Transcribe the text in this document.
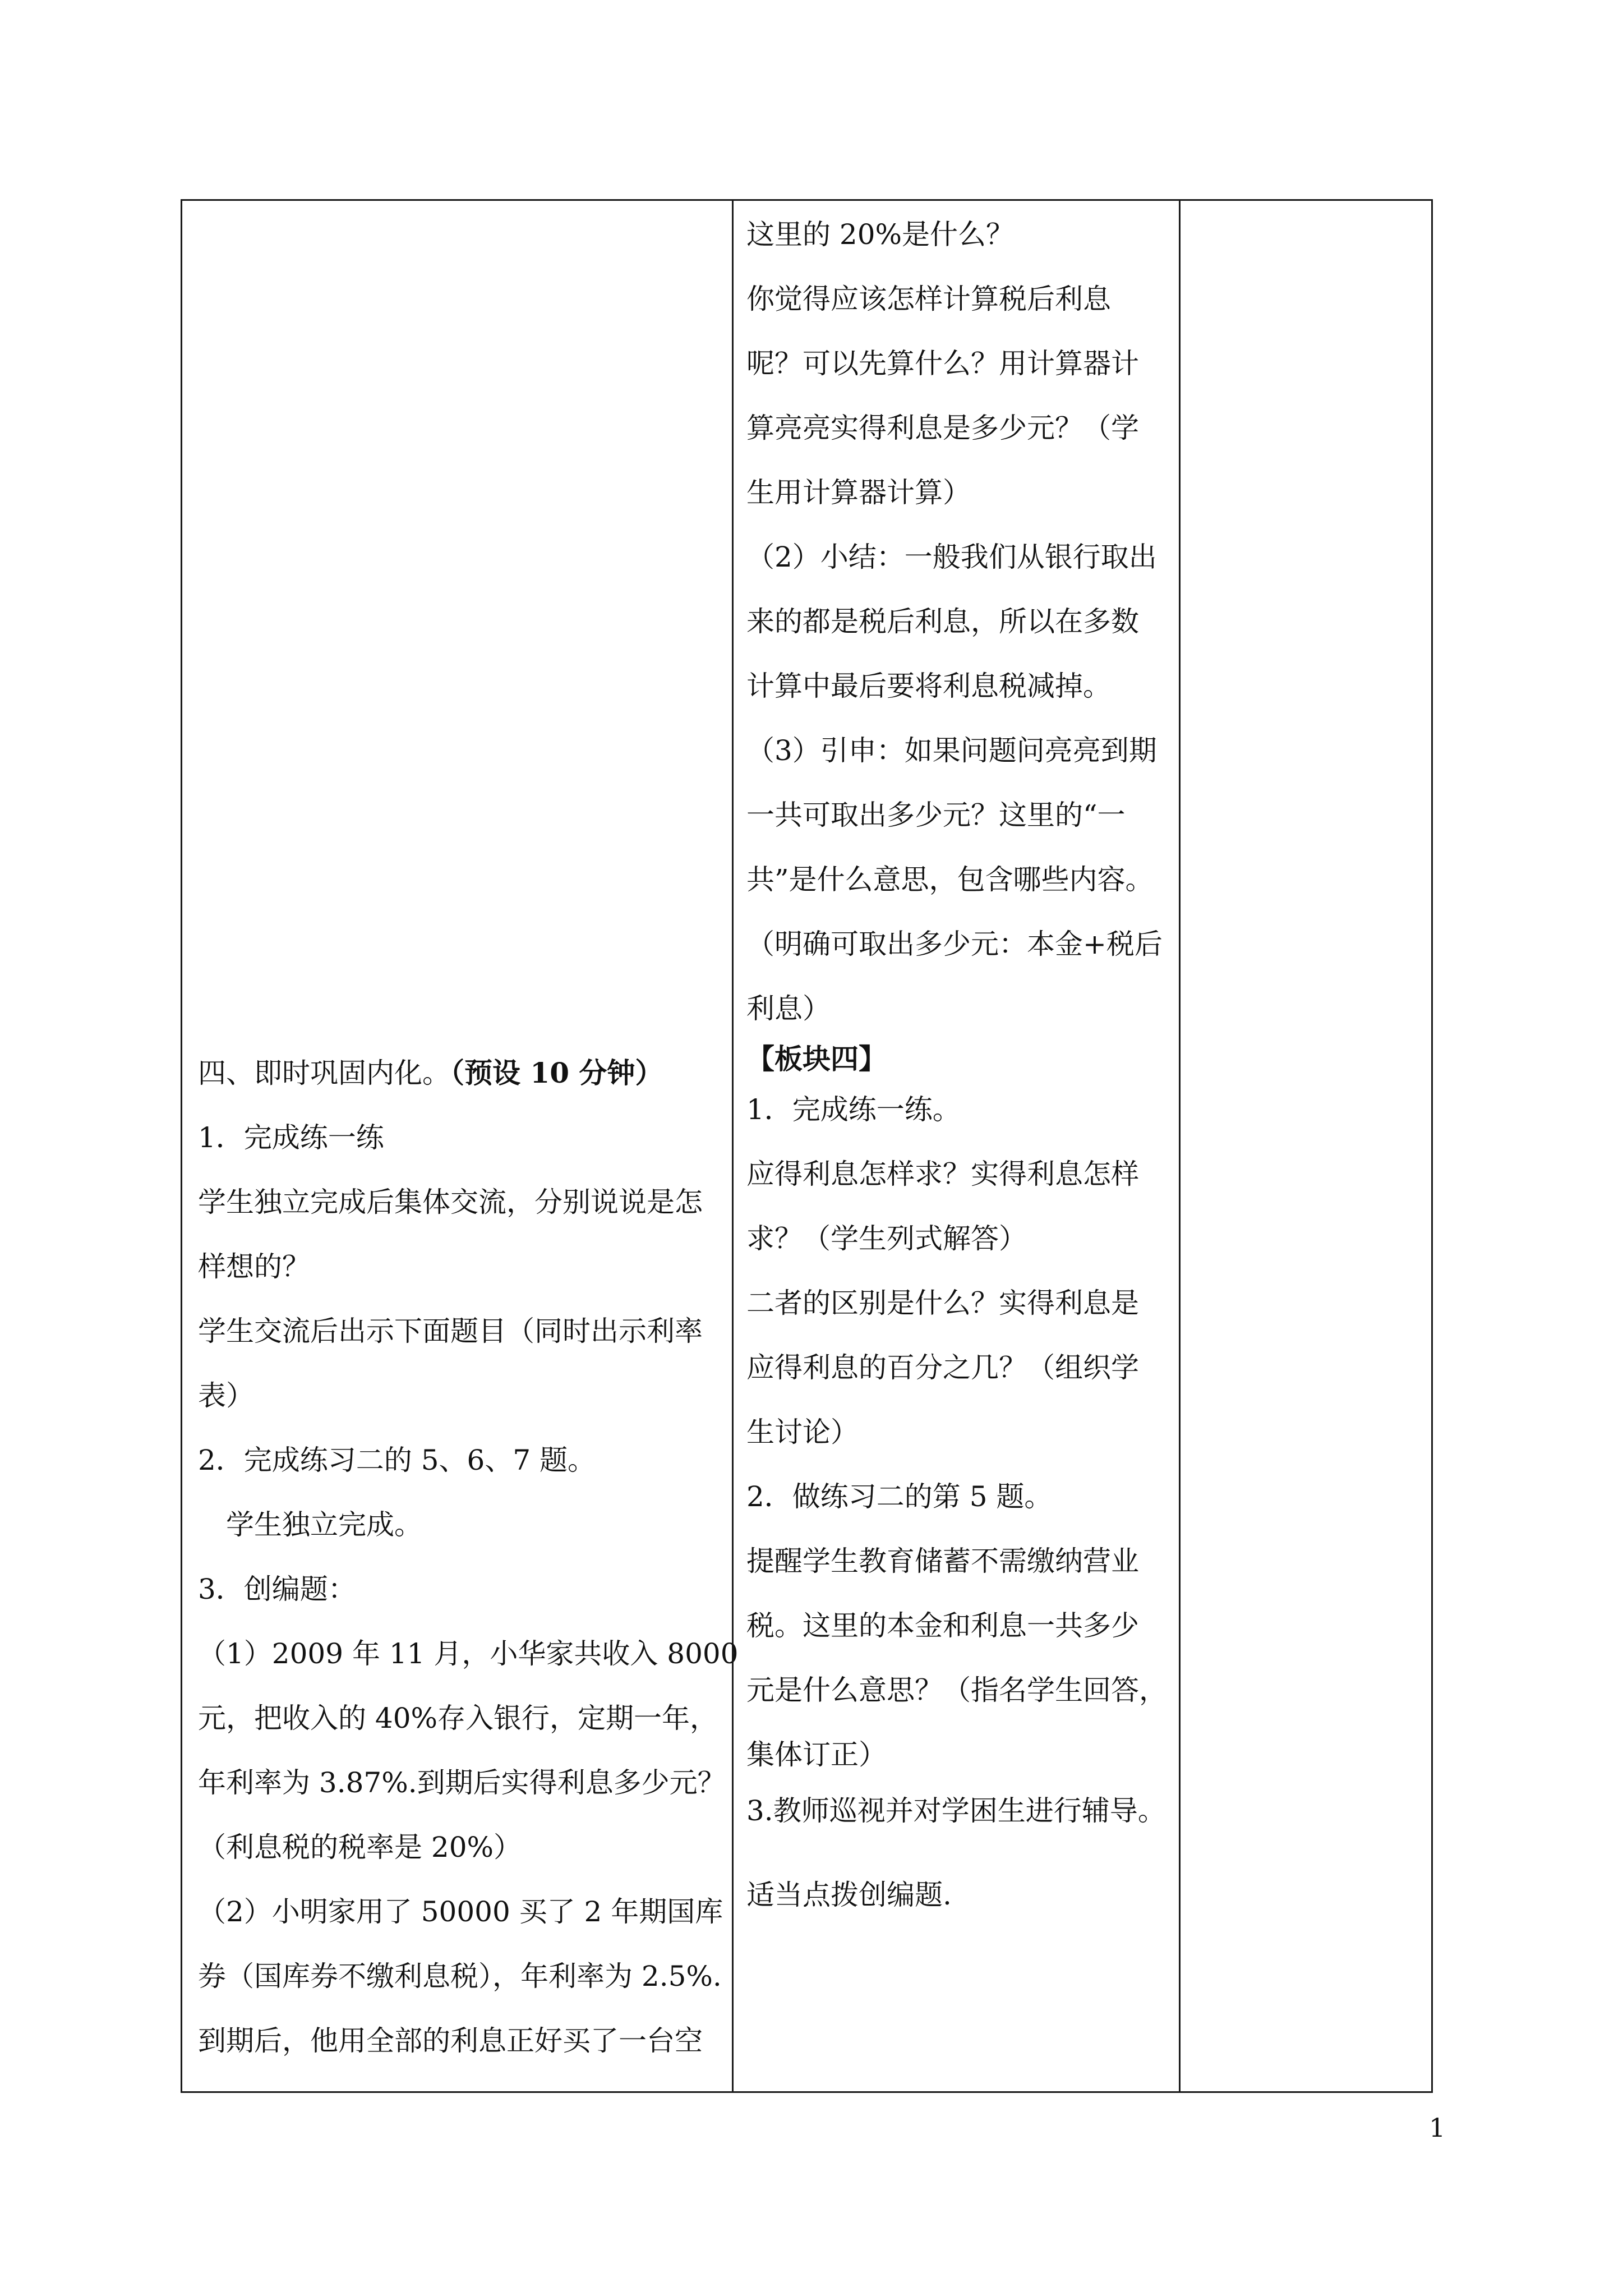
这里的 20%是什么？
你觉得应该怎样计算税后利息
呢？可以先算什么？用计算器计
算亮亮实得利息是多少元？（学
生用计算器计算）
（2）小结：一般我们从银行取出
来的都是税后利息，所以在多数
计算中最后要将利息税减掉。
（3）引申：如果问题问亮亮到期
一共可取出多少元？这里的“一
共”是什么意思，包含哪些内容。
（明确可取出多少元：本金+税后
利息）
【板块四】
1．完成练一练。
应得利息怎样求？实得利息怎样
求？（学生列式解答）
二者的区别是什么？实得利息是
应得利息的百分之几？（组织学
生讨论）
2．做练习二的第 5 题。
提醒学生教育储蓄不需缴纳营业
税。这里的本金和利息一共多少
元是什么意思？（指名学生回答，
集体订正）
3.教师巡视并对学困生进行辅导。
适当点拨创编题.
四、即时巩固内化。（预设 10 分钟）
1．完成练一练
学生独立完成后集体交流，分别说说是怎
样想的？
学生交流后出示下面题目（同时出示利率
表）
2．完成练习二的 5、6、7 题。
　学生独立完成。
3．创编题：
（1）2009 年 11 月，小华家共收入 8000
元，把收入的 40%存入银行，定期一年，
年利率为 3.87%.到期后实得利息多少元？
（利息税的税率是 20%）
（2）小明家用了 50000 买了 2 年期国库
券（国库券不缴利息税），年利率为 2.5%.
到期后，他用全部的利息正好买了一台空
1
